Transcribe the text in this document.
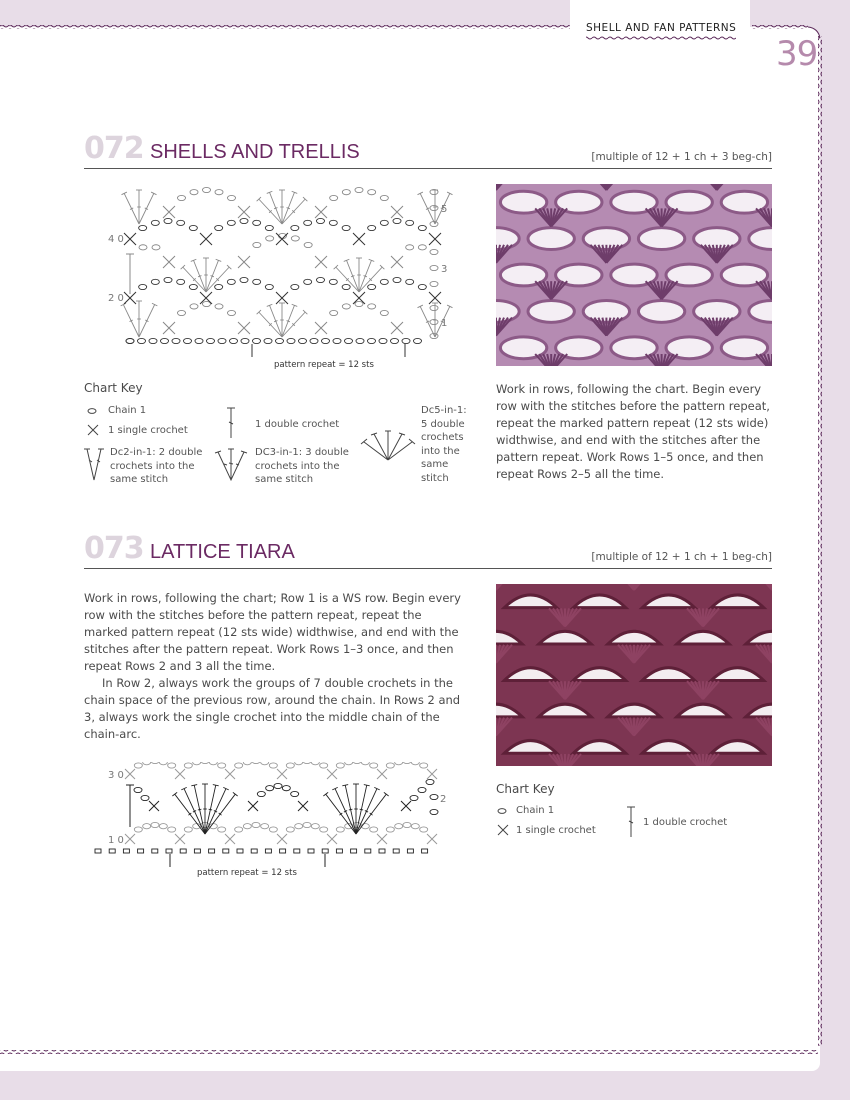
SHELL AND FAN PATTERNS
39
072 SHELLS AND TRELLIS	[multiple of 12 + 1 ch + 3 beg-ch]
5
3
1
4 0
2 0
pattern repeat = 12 sts
Chart Key
Chain 1
1 single crochet
Dc2-in-1: 2 double crochets into the same stitch
1 double crochet
DC3-in-1: 3 double crochets into the same stitch
Dc5-in-1: 5 double crochets into the same stitch
Work in rows, following the chart. Begin every row with the stitches before the pattern repeat, repeat the marked pattern repeat (12 sts wide) widthwise, and end with the stitches after the pattern repeat. Work Rows 1–5 once, and then repeat Rows 2–5 all the time.
073 LATTICE TIARA	[multiple of 12 + 1 ch + 1 beg-ch]

Work in rows, following the chart; Row 1 is a WS row. Begin every row with the stitches before the pattern repeat, repeat the marked pattern repeat (12 sts wide) widthwise, and end with the stitches after the pattern repeat. Work Rows 1–3 once, and then repeat Rows 2 and 3 all the time.

In Row 2, always work the groups of 7 double crochets in the chain space of the previous row, around the chain. In Rows 2 and 3, always work the single crochet into the middle chain of the chain-arc.

3 0
1 0
2
pattern repeat = 12 sts
Chart Key
Chain 1
1 single crochet
1 double crochet
